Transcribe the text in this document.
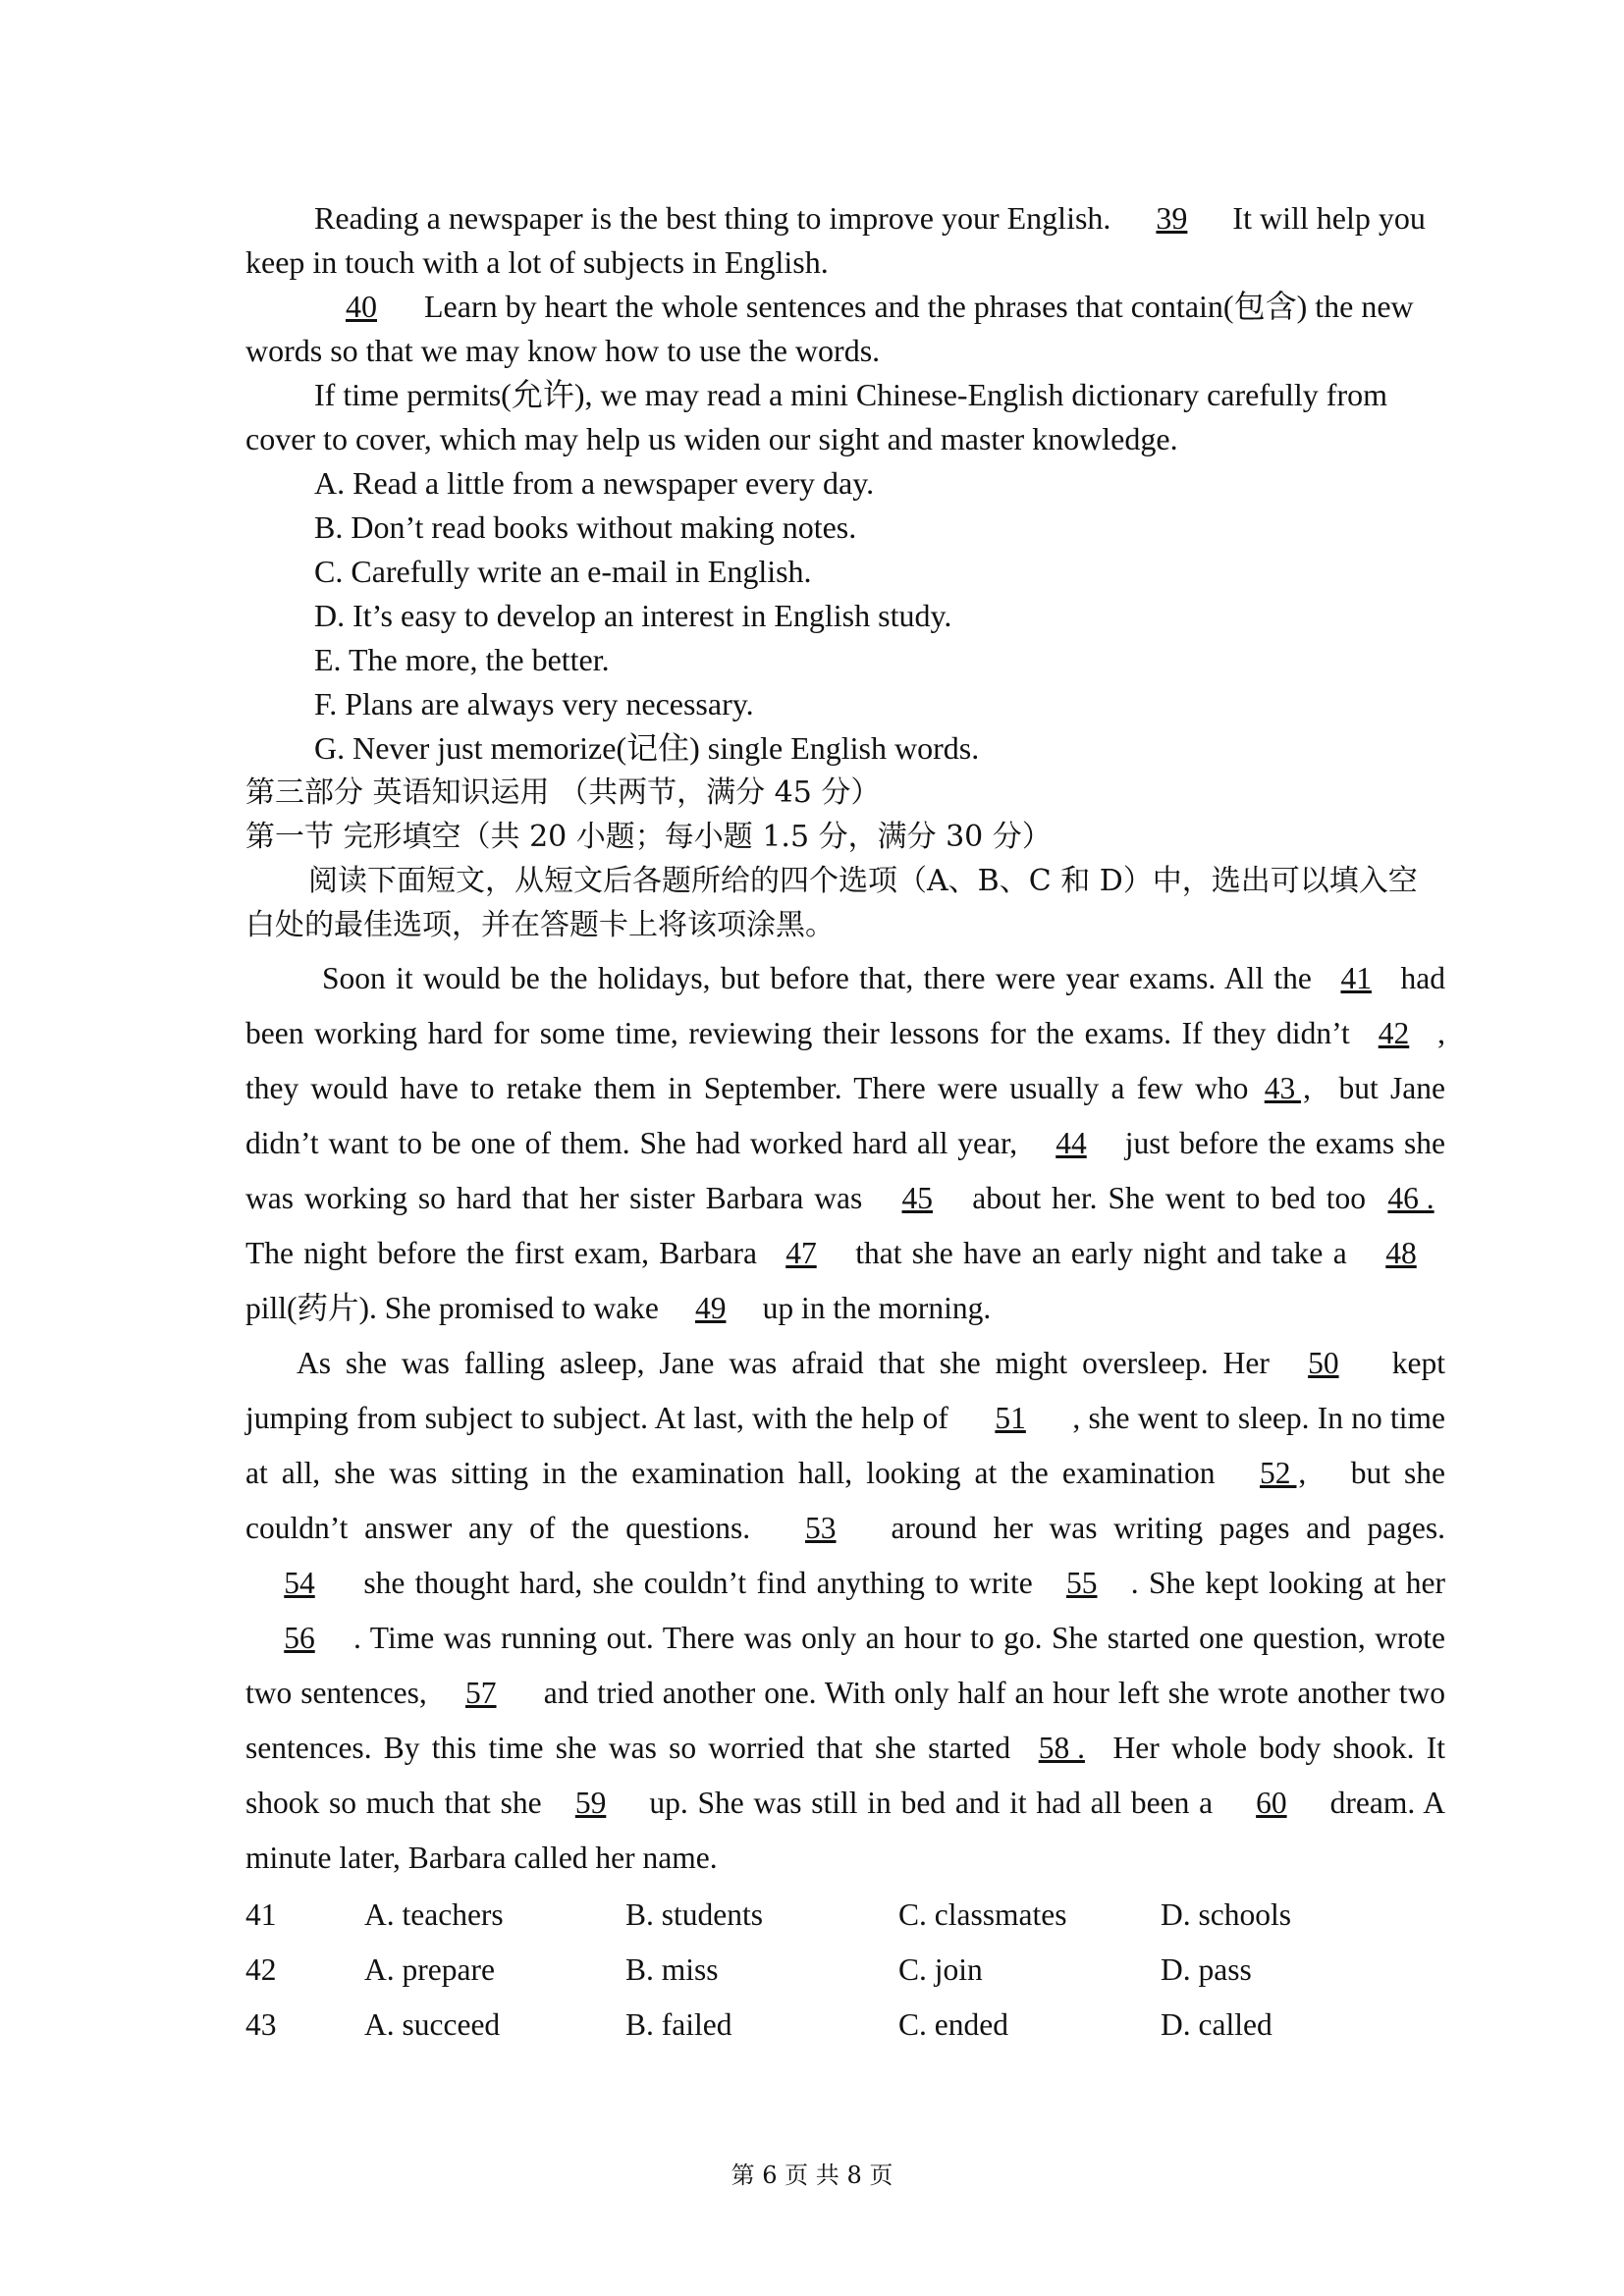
Reading a newspaper is the best thing to improve your English. 39 It will help you keep in touch with a lot of subjects in English.

40 Learn by heart the whole sentences and the phrases that contain(包含) the new words so that we may know how to use the words.

If time permits(允许), we may read a mini Chinese-English dictionary carefully from cover to cover, which may help us widen our sight and master knowledge.

A. Read a little from a newspaper every day.

B. Don’t read books without making notes.

C. Carefully write an e-mail in English.

D. It’s easy to develop an interest in English study.

E. The more, the better.

F. Plans are always very necessary.

G. Never just memorize(记住) single English words.

第三部分 英语知识运用 （共两节，满分 45 分）

第一节 完形填空（共 20 小题；每小题 1.5 分，满分 30 分）

阅读下面短文，从短文后各题所给的四个选项（A、B、C 和 D）中，选出可以填入空白处的最佳选项，并在答题卡上将该项涂黑。

Soon it would be the holidays, but before that, there were year exams. All the 41 had been working hard for some time, reviewing their lessons for the exams. If they didn’t 42 , they would have to retake them in September. There were usually a few who 43 , but Jane didn’t want to be one of them. She had worked hard all year, 44 just before the exams she was working so hard that her sister Barbara was 45 about her. She went to bed too 46 . The night before the first exam, Barbara 47 that she have an early night and take a 48 pill(药片). She promised to wake 49 up in the morning.

As she was falling asleep, Jane was afraid that she might oversleep. Her 50 kept jumping from subject to subject. At last, with the help of 51 , she went to sleep. In no time at all, she was sitting in the examination hall, looking at the examination 52 , but she couldn’t answer any of the questions. 53 around her was writing pages and pages. 54 she thought hard, she couldn’t find anything to write 55 . She kept looking at her56 . Time was running out. There was only an hour to go. She started one question, wrote two sentences, 57 and tried another one. With only half an hour left she wrote another two sentences. By this time she was so worried that she started 58 . Her whole body shook. It shook so much that she 59 up. She was still in bed and it had all been a 60 dream. A minute later, Barbara called her name.

41	A. teachers	B. students	C. classmates	D. schools
42	A. prepare	B. miss	C. join	D. pass
43	A. succeed	B. failed	C. ended	D. called
第 6 页 共 8 页
